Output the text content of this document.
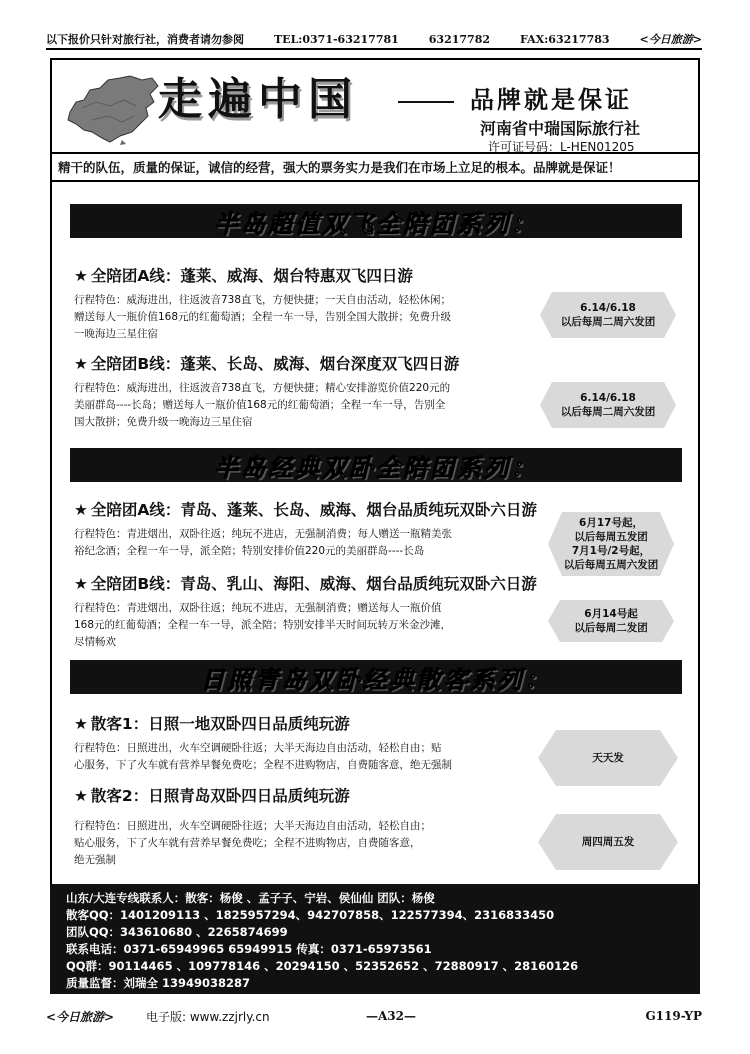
以下报价只针对旅行社，消费者请勿参阅	TEL:0371-63217781	63217782	FAX:63217783	<今日旅游>
走遍中国	品牌就是保证
河南省中瑞国际旅行社
许可证号码：L-HEN01205
精干的队伍，质量的保证，诚信的经营，强大的票务实力是我们在市场上立足的根本。品牌就是保证！
半岛超值双飞全陪团系列：
★ 全陪团A线：蓬莱、威海、烟台特惠双飞四日游
行程特色：威海进出，往返波音738直飞，方便快捷；一天自由活动，轻松休闲；
赠送每人一瓶价值168元的红葡萄酒；全程一车一导，告别全国大散拼；免费升级
一晚海边三星住宿
6.14/6.18
以后每周二周六发团
★ 全陪团B线：蓬莱、长岛、威海、烟台深度双飞四日游
行程特色：威海进出，往返波音738直飞，方便快捷；精心安排游览价值220元的
美丽群岛----长岛；赠送每人一瓶价值168元的红葡萄酒；全程一车一导，告别全
国大散拼；免费升级一晚海边三星住宿
6.14/6.18
以后每周二周六发团
半岛经典双卧全陪团系列：
★ 全陪团A线：青岛、蓬莱、长岛、威海、烟台品质纯玩双卧六日游
行程特色：青进烟出，双卧往返；纯玩不进店，无强制消费；每人赠送一瓶精美张
裕纪念酒；全程一车一导，派全陪；特别安排价值220元的美丽群岛----长岛
6月17号起，
以后每周五发团
7月1号/2号起，
以后每周五周六发团
★ 全陪团B线：青岛、乳山、海阳、威海、烟台品质纯玩双卧六日游
行程特色：青进烟出，双卧往返；纯玩不进店，无强制消费；赠送每人一瓶价值
168元的红葡萄酒；全程一车一导，派全陪；特别安排半天时间玩转万米金沙滩，
尽情畅欢
6月14号起
以后每周二发团
日照青岛双卧经典散客系列：
★ 散客1：日照一地双卧四日品质纯玩游
行程特色：日照进出，火车空调硬卧往返；大半天海边自由活动，轻松自由；贴
心服务，下了火车就有营养早餐免费吃；全程不进购物店，自费随客意，绝无强制
天天发
★ 散客2：日照青岛双卧四日品质纯玩游
行程特色：日照进出，火车空调硬卧往返；大半天海边自由活动，轻松自由；
贴心服务，下了火车就有营养早餐免费吃；全程不进购物店，自费随客意，
绝无强制
周四周五发
山东/大连专线联系人：散客：杨俊 、孟子子、宁岩、侯仙仙 团队：杨俊
散客QQ：1401209113 、1825957294、942707858、122577394、2316833450
团队QQ：343610680 、2265874699
联系电话：0371-65949965 65949915 传真：0371-65973561
QQ群：90114465 、109778146 、20294150 、52352652 、72880917 、28160126
质量监督：刘瑞全 13949038287
<今日旅游>	电子版: www.zzjrly.cn	—A32—	G119-YP
